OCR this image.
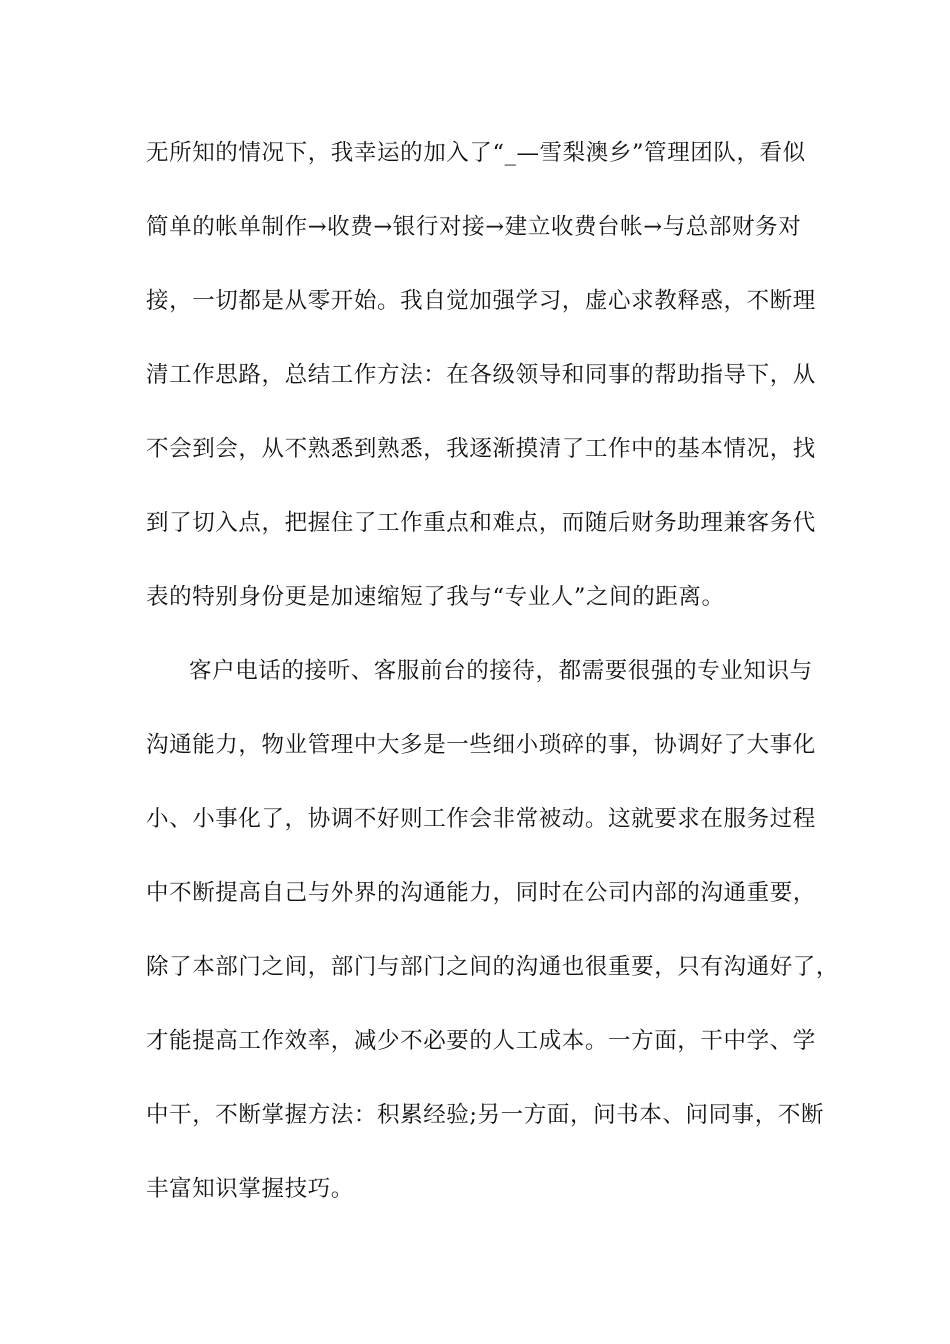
无所知的情况下，我幸运的加入了“_—雪梨澳乡”管理团队，看似
简单的帐单制作→收费→银行对接→建立收费台帐→与总部财务对
接，一切都是从零开始。我自觉加强学习，虚心求教释惑，不断理
清工作思路，总结工作方法：在各级领导和同事的帮助指导下，从
不会到会，从不熟悉到熟悉，我逐渐摸清了工作中的基本情况，找
到了切入点，把握住了工作重点和难点，而随后财务助理兼客务代
表的特别身份更是加速缩短了我与“专业人”之间的距离。
客户电话的接听、客服前台的接待，都需要很强的专业知识与
沟通能力，物业管理中大多是一些细小琐碎的事，协调好了大事化
小、小事化了，协调不好则工作会非常被动。这就要求在服务过程
中不断提高自己与外界的沟通能力，同时在公司内部的沟通重要，
除了本部门之间，部门与部门之间的沟通也很重要，只有沟通好了，
才能提高工作效率，减少不必要的人工成本。一方面，干中学、学
中干，不断掌握方法：积累经验;另一方面，问书本、问同事，不断
丰富知识掌握技巧。
